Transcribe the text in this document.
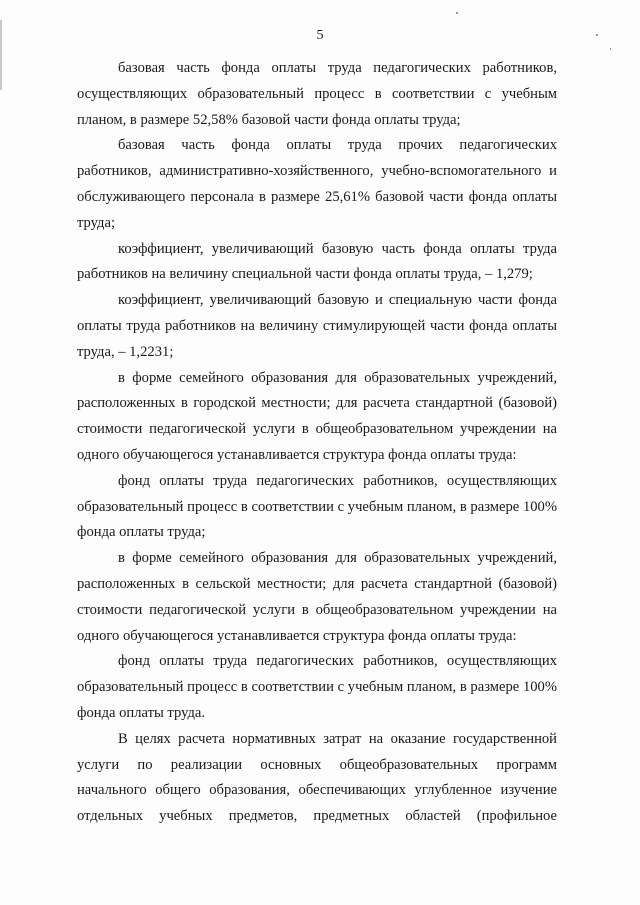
5

базовая часть фонда оплаты труда педагогических работников, осуществляющих образовательный процесс в соответствии с учебным планом, в размере 52,58% базовой части фонда оплаты труда;

базовая часть фонда оплаты труда прочих педагогических работников, административно-хозяйственного, учебно-вспомогательного и обслуживающего персонала в размере 25,61% базовой части фонда оплаты труда;

коэффициент, увеличивающий базовую часть фонда оплаты труда работников на величину специальной части фонда оплаты труда, – 1,279;

коэффициент, увеличивающий базовую и специальную части фонда оплаты труда работников на величину стимулирующей части фонда оплаты труда, – 1,2231;

в форме семейного образования для образовательных учреждений, расположенных в городской местности; для расчета стандартной (базовой) стоимости педагогической услуги в общеобразовательном учреждении на одного обучающегося устанавливается структура фонда оплаты труда:

фонд оплаты труда педагогических работников, осуществляющих образовательный процесс в соответствии с учебным планом, в размере 100% фонда оплаты труда;

в форме семейного образования для образовательных учреждений, расположенных в сельской местности; для расчета стандартной (базовой) стоимости педагогической услуги в общеобразовательном учреждении на одного обучающегося устанавливается структура фонда оплаты труда:

фонд оплаты труда педагогических работников, осуществляющих образовательный процесс в соответствии с учебным планом, в размере 100% фонда оплаты труда.

В целях расчета нормативных затрат на оказание государственной услуги по реализации основных общеобразовательных программ начального общего образования, обеспечивающих углубленное изучение отдельных учебных предметов, предметных областей (профильное
